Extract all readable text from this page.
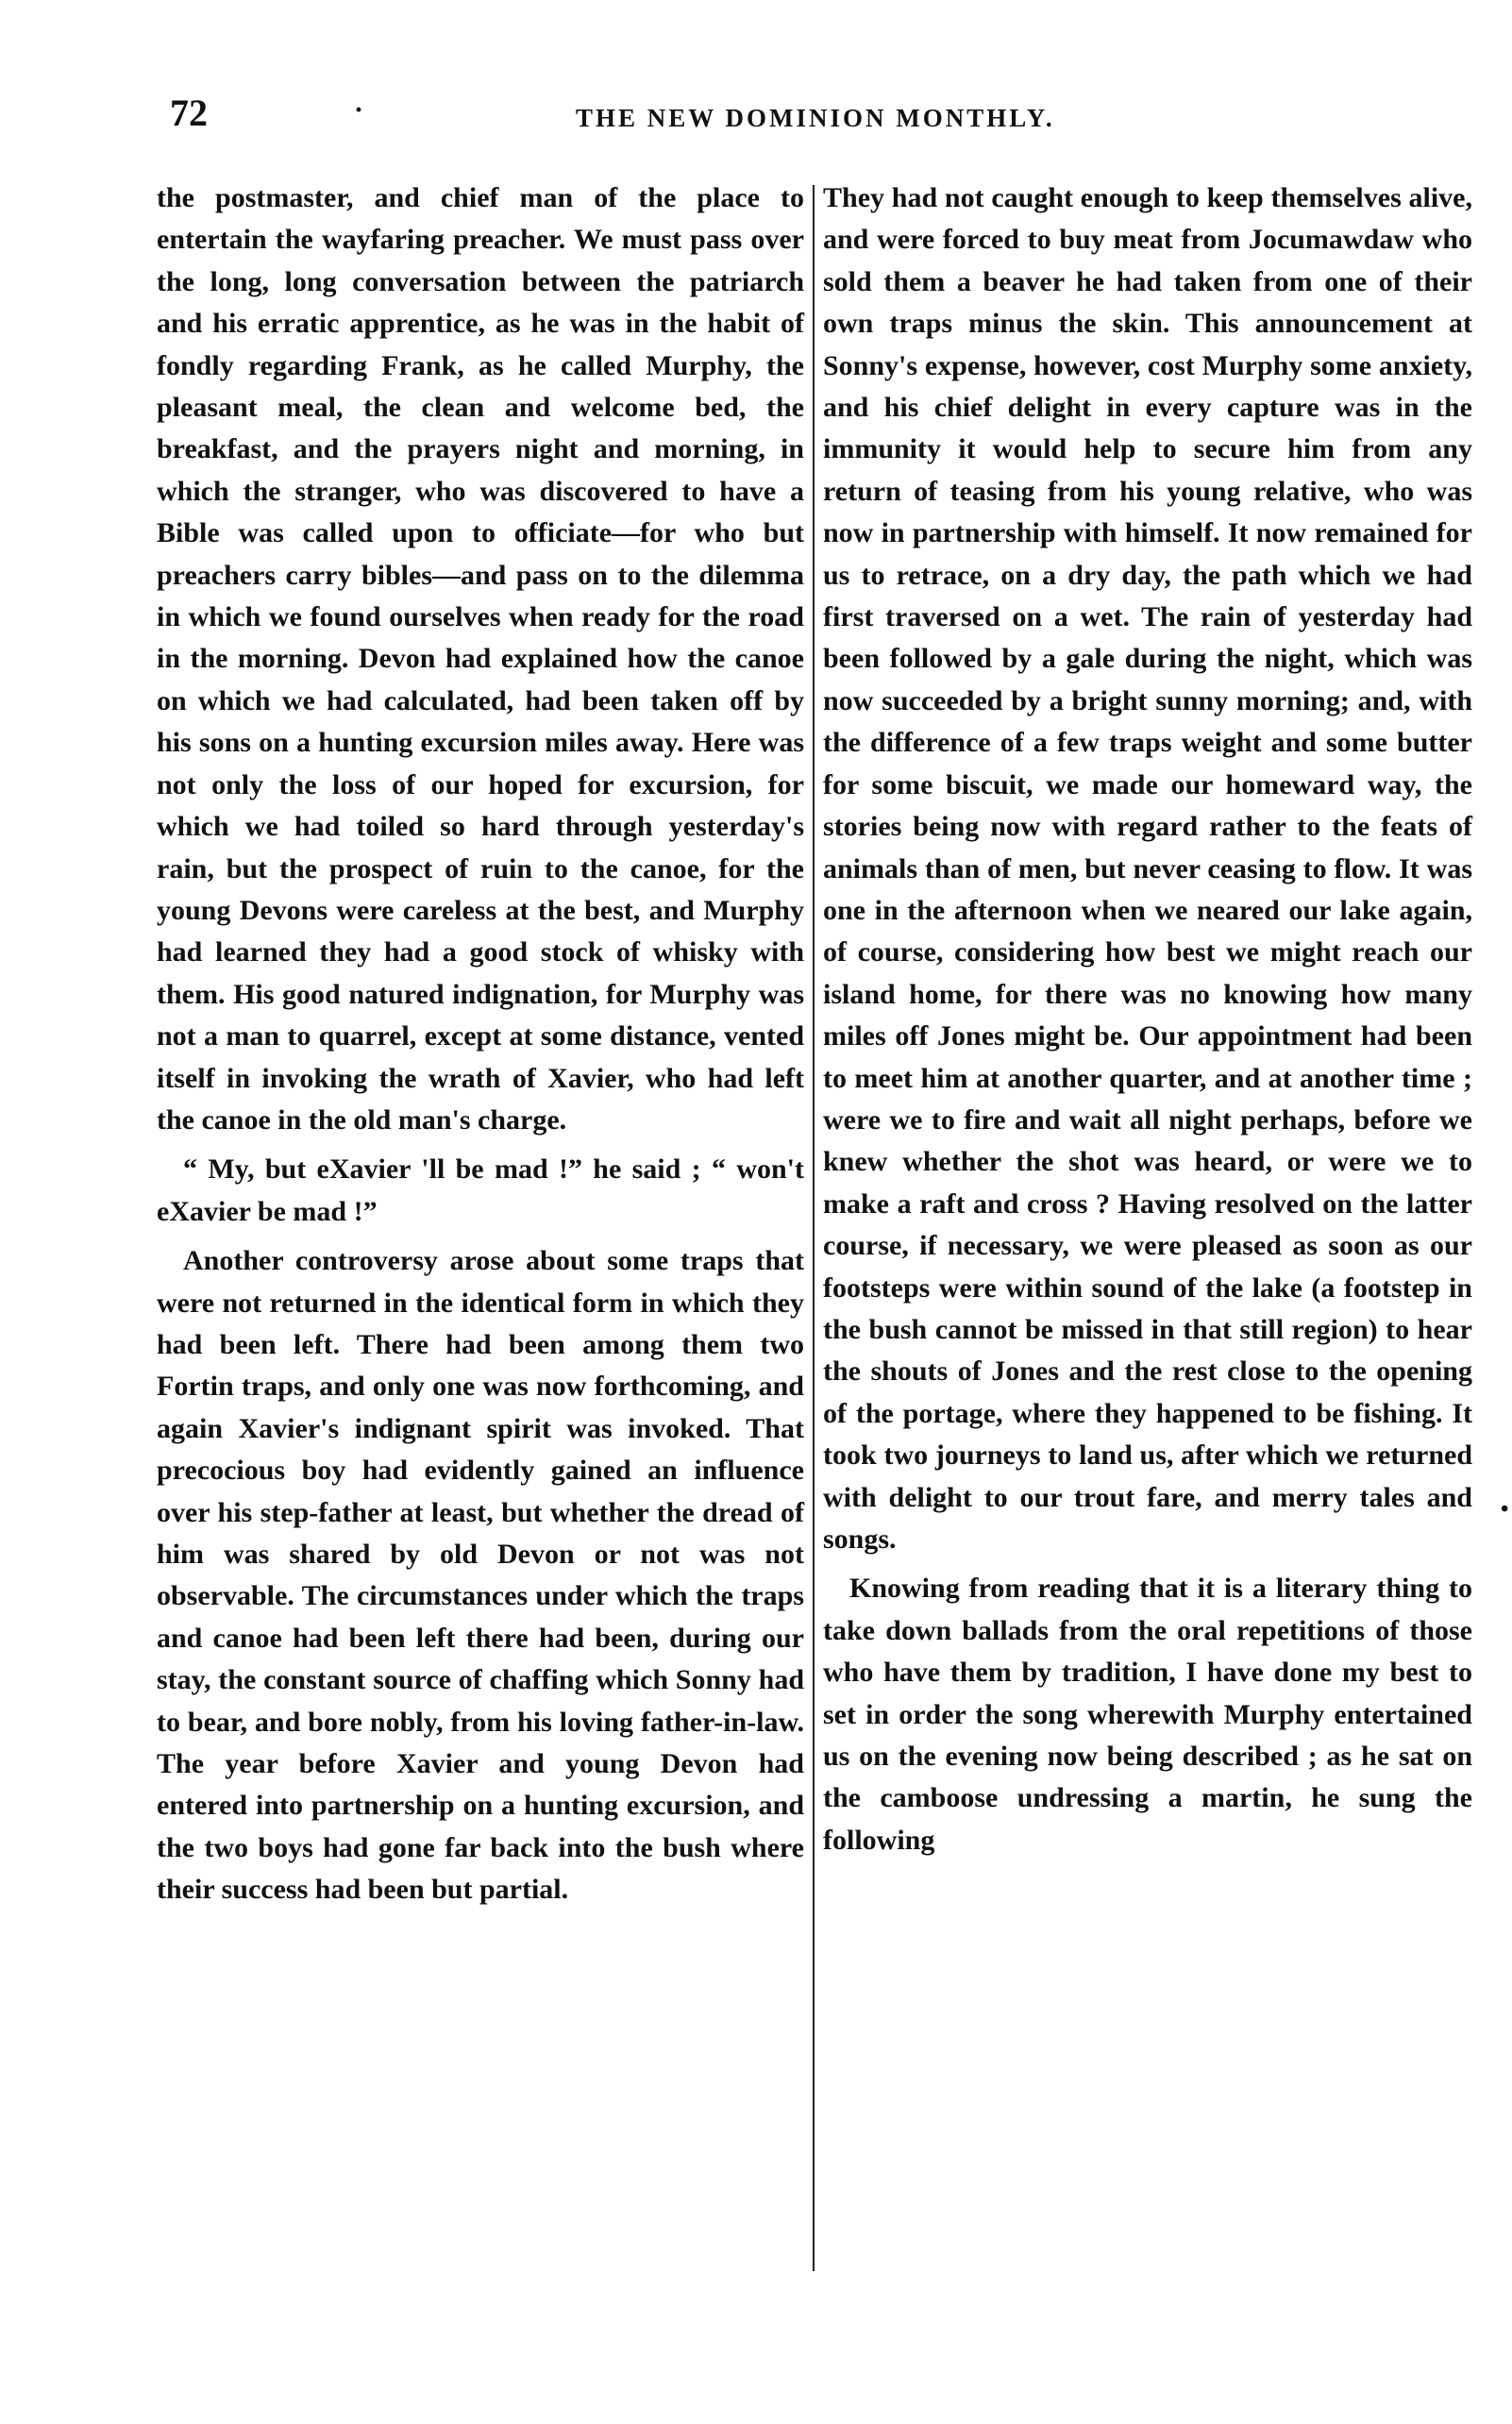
72	·	THE NEW DOMINION MONTHLY.

the postmaster, and chief man of the place to entertain the wayfaring preacher. We must pass over the long, long conversation between the patriarch and his erratic apprentice, as he was in the habit of fondly regarding Frank, as he called Murphy, the pleasant meal, the clean and welcome bed, the breakfast, and the prayers night and morning, in which the stranger, who was discovered to have a Bible was called upon to officiate—for who but preachers carry bibles—and pass on to the dilemma in which we found ourselves when ready for the road in the morning. Devon had explained how the canoe on which we had calculated, had been taken off by his sons on a hunting excursion miles away. Here was not only the loss of our hoped for excursion, for which we had toiled so hard through yesterday's rain, but the prospect of ruin to the canoe, for the young Devons were careless at the best, and Murphy had learned they had a good stock of whisky with them. His good natured indignation, for Murphy was not a man to quarrel, except at some distance, vented itself in invoking the wrath of Xavier, who had left the canoe in the old man's charge.

“ My, but eXavier 'll be mad !” he said ; “ won't eXavier be mad !”

Another controversy arose about some traps that were not returned in the identical form in which they had been left. There had been among them two Fortin traps, and only one was now forthcoming, and again Xavier's indignant spirit was invoked. That precocious boy had evidently gained an influence over his step-father at least, but whether the dread of him was shared by old Devon or not was not observable. The circumstances under which the traps and canoe had been left there had been, during our stay, the constant source of chaffing which Sonny had to bear, and bore nobly, from his loving father-in-law. The year before Xavier and young Devon had entered into partnership on a hunting excursion, and the two boys had gone far back into the bush where their success had been but partial.

They had not caught enough to keep themselves alive, and were forced to buy meat from Jocumawdaw who sold them a beaver he had taken from one of their own traps minus the skin. This announcement at Sonny's expense, however, cost Murphy some anxiety, and his chief delight in every capture was in the immunity it would help to secure him from any return of teasing from his young relative, who was now in partnership with himself. It now remained for us to retrace, on a dry day, the path which we had first traversed on a wet. The rain of yesterday had been followed by a gale during the night, which was now succeeded by a bright sunny morning; and, with the difference of a few traps weight and some butter for some biscuit, we made our homeward way, the stories being now with regard rather to the feats of animals than of men, but never ceasing to flow. It was one in the afternoon when we neared our lake again, of course, considering how best we might reach our island home, for there was no knowing how many miles off Jones might be. Our appointment had been to meet him at another quarter, and at another time ; were we to fire and wait all night perhaps, before we knew whether the shot was heard, or were we to make a raft and cross ? Having resolved on the latter course, if necessary, we were pleased as soon as our footsteps were within sound of the lake (a footstep in the bush cannot be missed in that still region) to hear the shouts of Jones and the rest close to the opening of the portage, where they happened to be fishing. It took two journeys to land us, after which we returned with delight to our trout fare, and merry tales and songs.

Knowing from reading that it is a literary thing to take down ballads from the oral repetitions of those who have them by tradition, I have done my best to set in order the song wherewith Murphy entertained us on the evening now being described ; as he sat on the camboose undressing a martin, he sung the following

•
